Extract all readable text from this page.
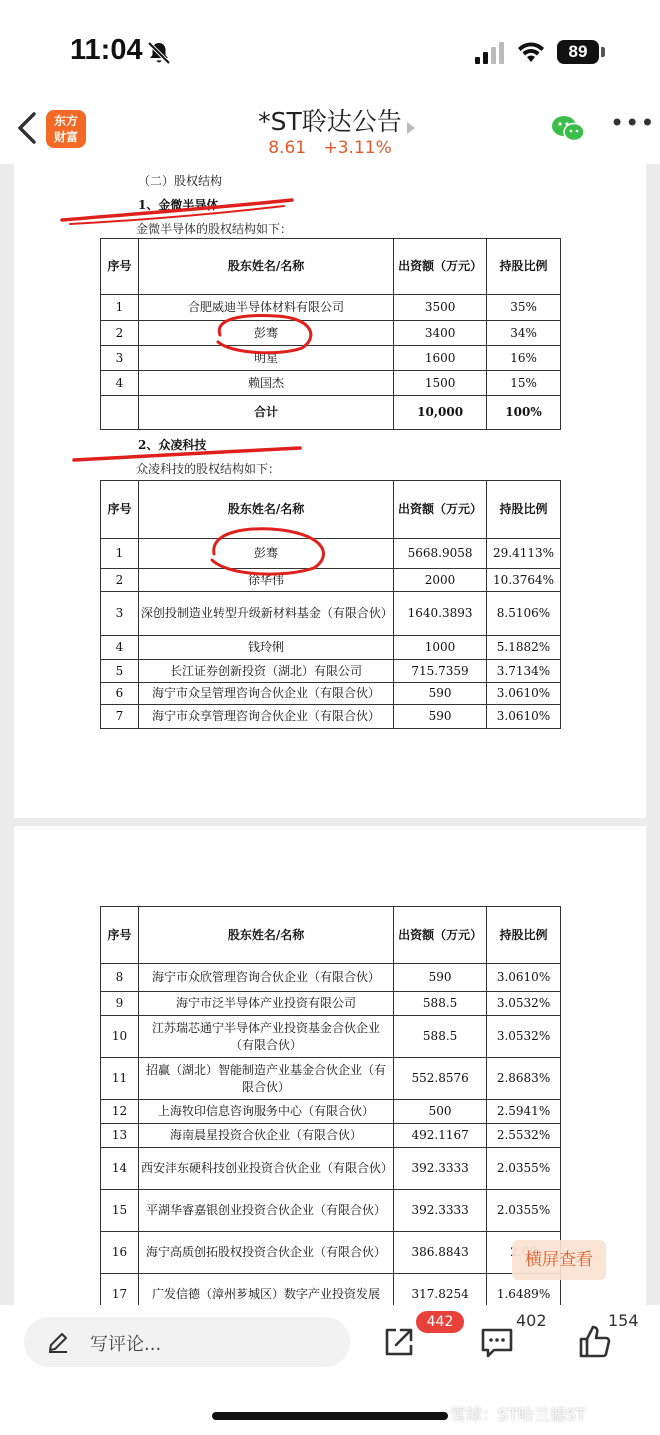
11:04	89
东方
财富
*ST聆达公告
8.61 +3.11%
•••
（二）股权结构
1、金微半导体
金微半导体的股权结构如下：
序号	股东姓名/名称	出资额（万元）	持股比例
1	合肥威迪半导体材料有限公司	3500	35%
2	彭骞	3400	34%
3	明星	1600	16%
4	赖国杰	1500	15%
	合计	10,000	100%
2、众凌科技
众凌科技的股权结构如下：
序号	股东姓名/名称	出资额（万元）	持股比例
1	彭骞	5668.9058	29.4113%
2	徐华伟	2000	10.3764%
3	深创投制造业转型升级新材料基金（有限合伙）	1640.3893	8.5106%
4	钱玲俐	1000	5.1882%
5	长江证券创新投资（湖北）有限公司	715.7359	3.7134%
6	海宁市众呈管理咨询合伙企业（有限合伙）	590	3.0610%
7	海宁市众享管理咨询合伙企业（有限合伙）	590	3.0610%
序号	股东姓名/名称	出资额（万元）	持股比例
8	海宁市众欣管理咨询合伙企业（有限合伙）	590	3.0610%
9	海宁市泛半导体产业投资有限公司	588.5	3.0532%
10	江苏瑞芯通宁半导体产业投资基金合伙企业（有限合伙）	588.5	3.0532%
11	招赢（湖北）智能制造产业基金合伙企业（有限合伙）	552.8576	2.8683%
12	上海牧印信息咨询服务中心（有限合伙）	500	2.5941%
13	海南晨星投资合伙企业（有限合伙）	492.1167	2.5532%
14	西安沣东硬科技创业投资合伙企业（有限合伙）	392.3333	2.0355%
15	平湖华睿嘉银创业投资合伙企业（有限合伙）	392.3333	2.0355%
16	海宁高质创拓股权投资合伙企业（有限合伙）	386.8843	
17	广发信德（漳州芗城区）数字产业投资发展	317.8254	1.6489%
横屏查看
写评论...
442	402	154
雪球：ST哈兰德ST
